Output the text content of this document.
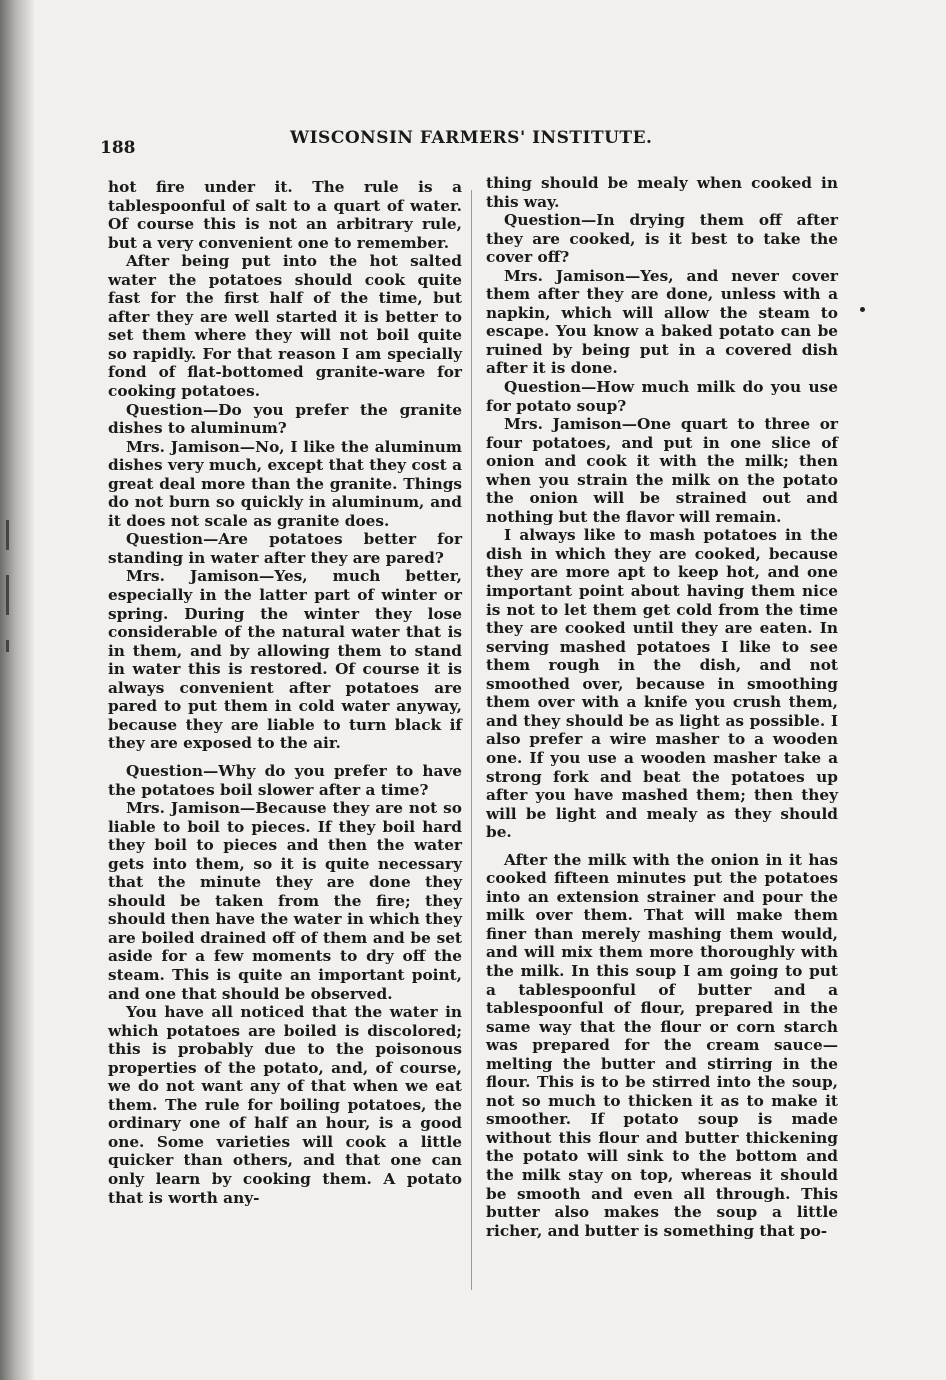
188	WISCONSIN FARMERS' INSTITUTE.

hot fire under it. The rule is a tablespoonful of salt to a quart of water. Of course this is not an arbitrary rule, but a very convenient one to remember.

After being put into the hot salted water the potatoes should cook quite fast for the first half of the time, but after they are well started it is better to set them where they will not boil quite so rapidly. For that reason I am specially fond of flat-bottomed granite-ware for cooking potatoes.

Question—Do you prefer the granite dishes to aluminum?

Mrs. Jamison—No, I like the aluminum dishes very much, except that they cost a great deal more than the granite. Things do not burn so quickly in aluminum, and it does not scale as granite does.

Question—Are potatoes better for standing in water after they are pared?

Mrs. Jamison—Yes, much better, especially in the latter part of winter or spring. During the winter they lose considerable of the natural water that is in them, and by allowing them to stand in water this is restored. Of course it is always convenient after potatoes are pared to put them in cold water anyway, because they are liable to turn black if they are exposed to the air.

Question—Why do you prefer to have the potatoes boil slower after a time?

Mrs. Jamison—Because they are not so liable to boil to pieces. If they boil hard they boil to pieces and then the water gets into them, so it is quite necessary that the minute they are done they should be taken from the fire; they should then have the water in which they are boiled drained off of them and be set aside for a few moments to dry off the steam. This is quite an important point, and one that should be observed.

You have all noticed that the water in which potatoes are boiled is discolored; this is probably due to the poisonous properties of the potato, and, of course, we do not want any of that when we eat them. The rule for boiling potatoes, the ordinary one of half an hour, is a good one. Some varieties will cook a little quicker than others, and that one can only learn by cooking them. A potato that is worth any-

thing should be mealy when cooked in this way.

Question—In drying them off after they are cooked, is it best to take the cover off?

Mrs. Jamison—Yes, and never cover them after they are done, unless with a napkin, which will allow the steam to escape. You know a baked potato can be ruined by being put in a covered dish after it is done.

Question—How much milk do you use for potato soup?

Mrs. Jamison—One quart to three or four potatoes, and put in one slice of onion and cook it with the milk; then when you strain the milk on the potato the onion will be strained out and nothing but the flavor will remain.

I always like to mash potatoes in the dish in which they are cooked, because they are more apt to keep hot, and one important point about having them nice is not to let them get cold from the time they are cooked until they are eaten. In serving mashed potatoes I like to see them rough in the dish, and not smoothed over, because in smoothing them over with a knife you crush them, and they should be as light as possible. I also prefer a wire masher to a wooden one. If you use a wooden masher take a strong fork and beat the potatoes up after you have mashed them; then they will be light and mealy as they should be.

After the milk with the onion in it has cooked fifteen minutes put the potatoes into an extension strainer and pour the milk over them. That will make them finer than merely mashing them would, and will mix them more thoroughly with the milk. In this soup I am going to put a tablespoonful of butter and a tablespoonful of flour, prepared in the same way that the flour or corn starch was prepared for the cream sauce—melting the butter and stirring in the flour. This is to be stirred into the soup, not so much to thicken it as to make it smoother. If potato soup is made without this flour and butter thickening the potato will sink to the bottom and the milk stay on top, whereas it should be smooth and even all through. This butter also makes the soup a little richer, and butter is something that po-
